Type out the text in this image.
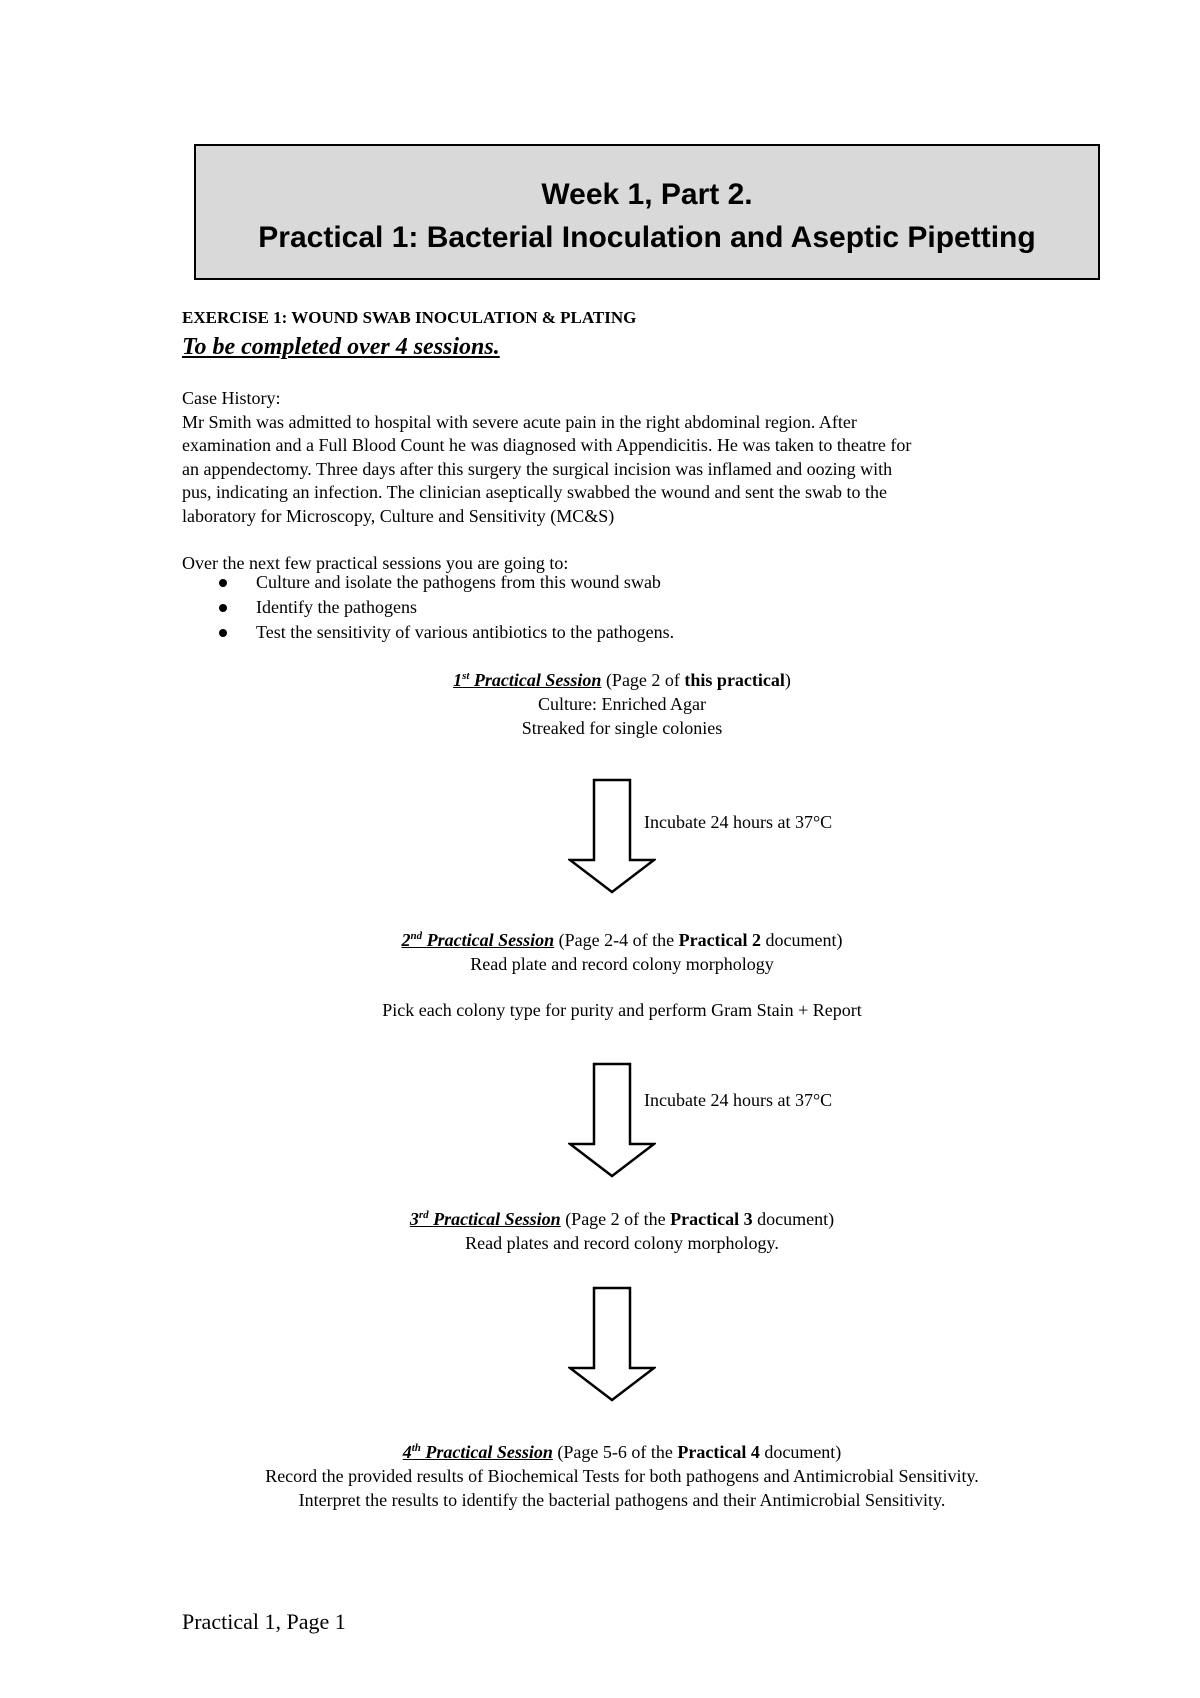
Week 1, Part 2.
Practical 1: Bacterial Inoculation and Aseptic Pipetting
EXERCISE 1: WOUND SWAB INOCULATION & PLATING
To be completed over 4 sessions.
Case History:
Mr Smith was admitted to hospital with severe acute pain in the right abdominal region. After
examination and a Full Blood Count he was diagnosed with Appendicitis. He was taken to theatre for
an appendectomy. Three days after this surgery the surgical incision was inflamed and oozing with
pus, indicating an infection. The clinician aseptically swabbed the wound and sent the swab to the
laboratory for Microscopy, Culture and Sensitivity (MC&S)
Over the next few practical sessions you are going to:
Culture and isolate the pathogens from this wound swab
Identify the pathogens
Test the sensitivity of various antibiotics to the pathogens.
1st Practical Session (Page 2 of this practical)
Culture: Enriched Agar
Streaked for single colonies
Incubate 24 hours at 37°C
2nd Practical Session (Page 2-4 of the Practical 2 document)
Read plate and record colony morphology
Pick each colony type for purity and perform Gram Stain + Report
Incubate 24 hours at 37°C
3rd Practical Session (Page 2 of the Practical 3 document)
Read plates and record colony morphology.
4th Practical Session (Page 5-6 of the Practical 4 document)
Record the provided results of Biochemical Tests for both pathogens and Antimicrobial Sensitivity.
Interpret the results to identify the bacterial pathogens and their Antimicrobial Sensitivity.
Practical 1, Page 1
